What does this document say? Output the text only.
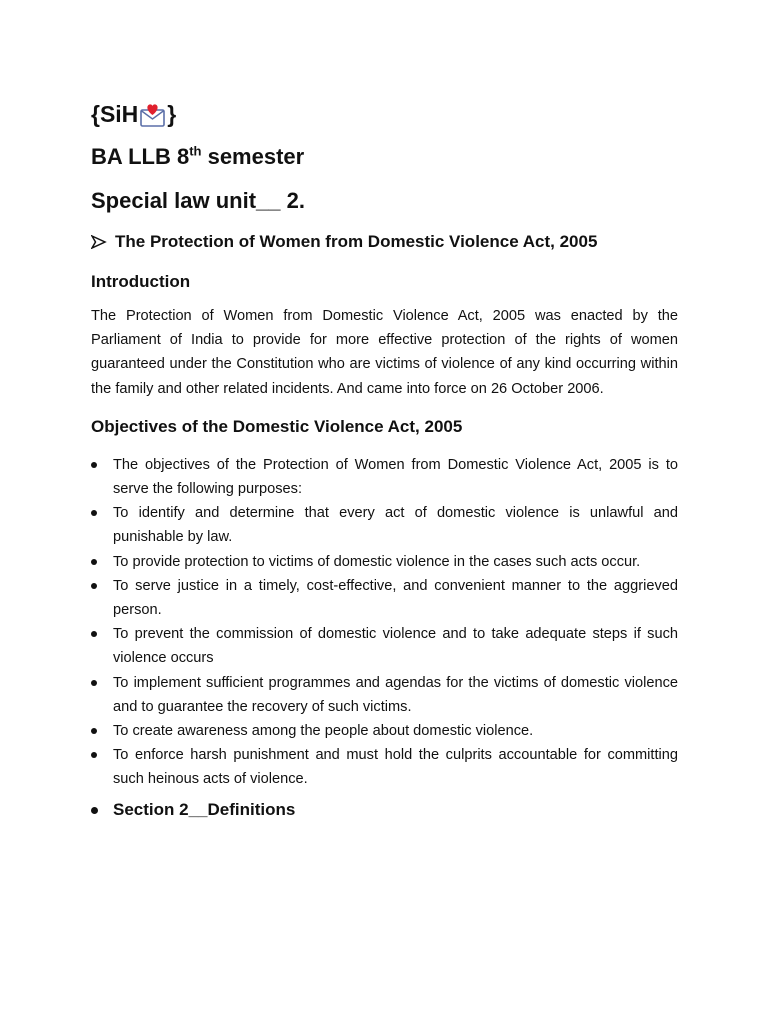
{SiH }
BA LLB 8th semester
Special law unit__ 2.
The Protection of Women from Domestic Violence Act, 2005
Introduction
The Protection of Women from Domestic Violence Act, 2005 was enacted by the Parliament of India to provide for more effective protection of the rights of women guaranteed under the Constitution who are victims of violence of any kind occurring within the family and other related incidents. And came into force on 26 October 2006.
Objectives of the Domestic Violence Act, 2005
The objectives of the Protection of Women from Domestic Violence Act, 2005 is to serve the following purposes:
To identify and determine that every act of domestic violence is unlawful and punishable by law.
To provide protection to victims of domestic violence in the cases such acts occur.
To serve justice in a timely, cost-effective, and convenient manner to the aggrieved person.
To prevent the commission of domestic violence and to take adequate steps if such violence occurs
To implement sufficient programmes and agendas for the victims of domestic violence and to guarantee the recovery of such victims.
To create awareness among the people about domestic violence.
To enforce harsh punishment and must hold the culprits accountable for committing such heinous acts of violence.
Section 2__Definitions
